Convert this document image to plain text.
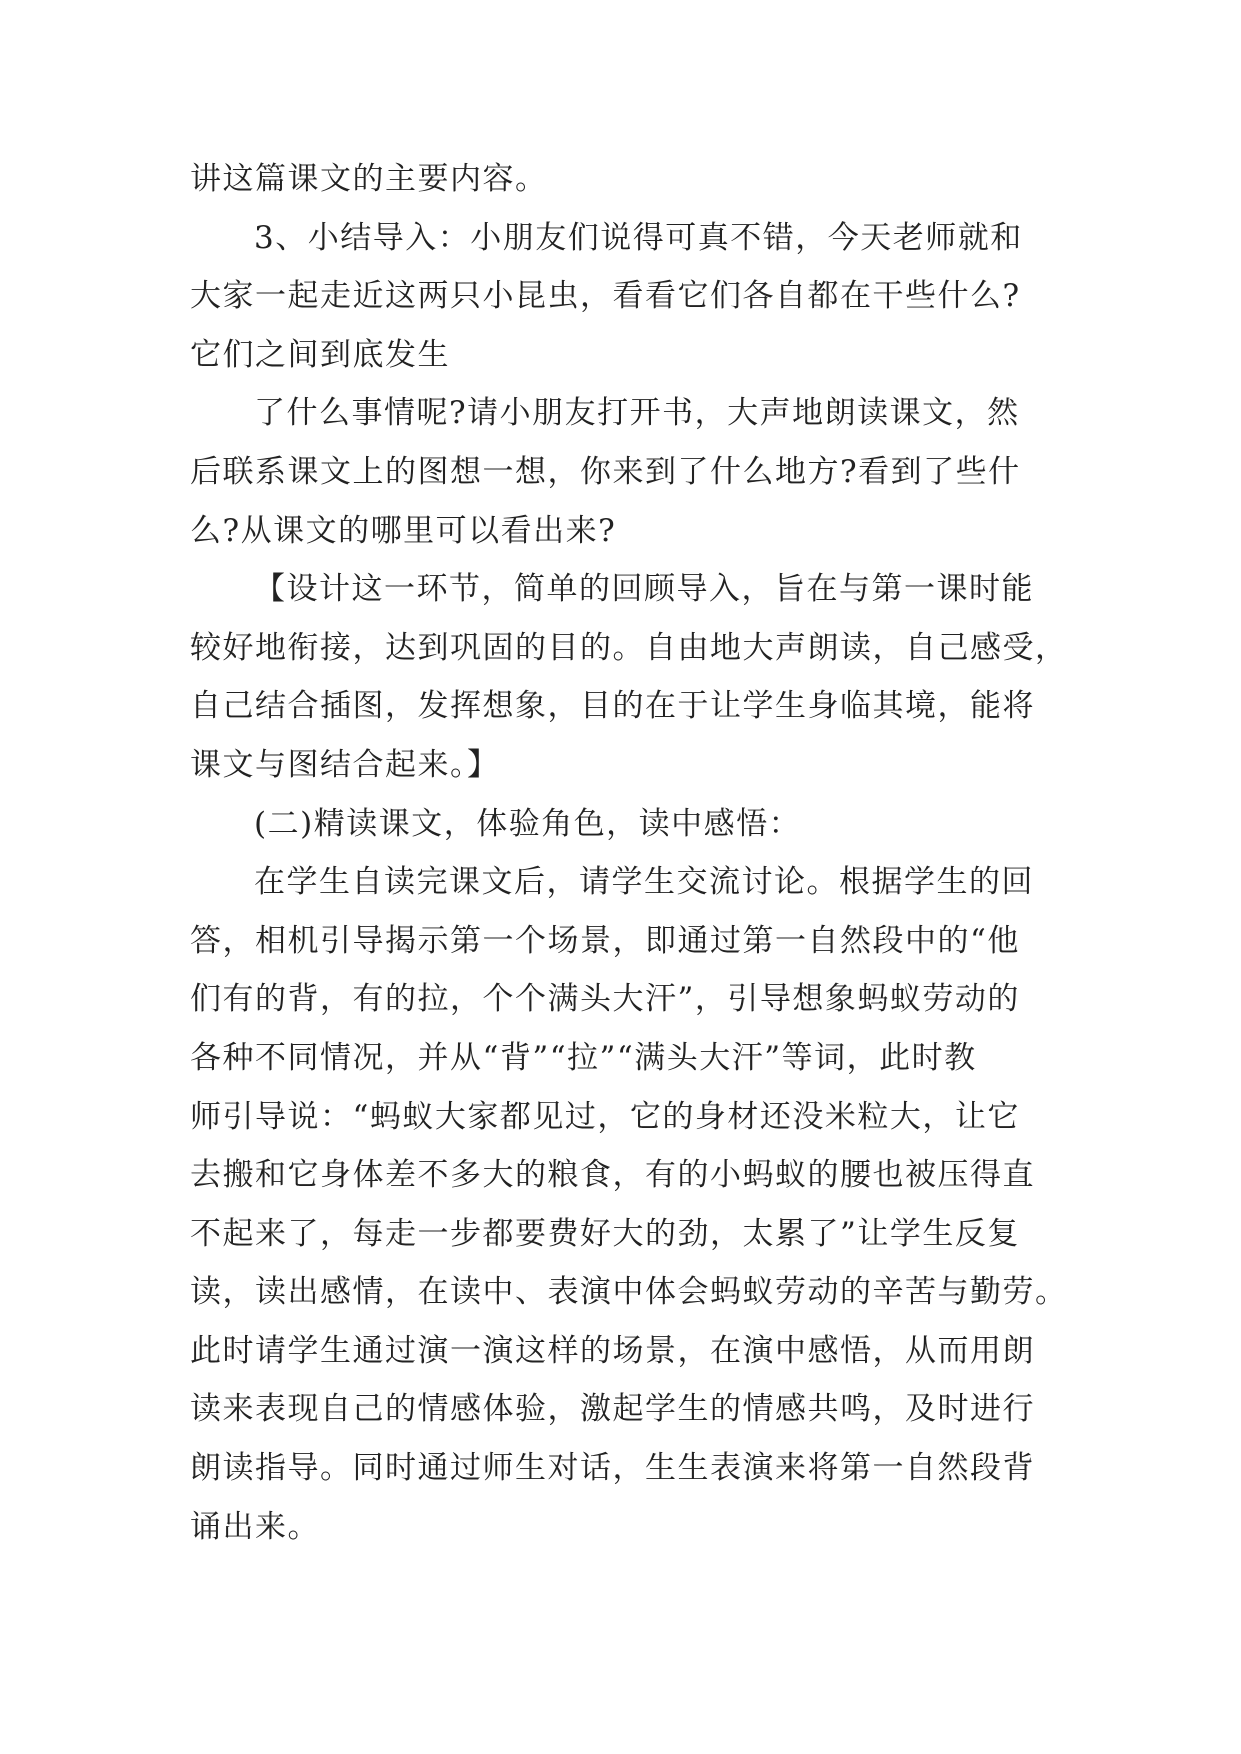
讲这篇课文的主要内容。
3、小结导入：小朋友们说得可真不错，今天老师就和
大家一起走近这两只小昆虫，看看它们各自都在干些什么?
它们之间到底发生
了什么事情呢?请小朋友打开书，大声地朗读课文，然
后联系课文上的图想一想，你来到了什么地方?看到了些什
么?从课文的哪里可以看出来?
【设计这一环节，简单的回顾导入，旨在与第一课时能
较好地衔接，达到巩固的目的。自由地大声朗读，自己感受，
自己结合插图，发挥想象，目的在于让学生身临其境，能将
课文与图结合起来。】
(二)精读课文，体验角色，读中感悟：
在学生自读完课文后，请学生交流讨论。根据学生的回
答，相机引导揭示第一个场景，即通过第一自然段中的“他
们有的背，有的拉，个个满头大汗”，引导想象蚂蚁劳动的
各种不同情况，并从“背”“拉”“满头大汗”等词，此时教
师引导说：“蚂蚁大家都见过，它的身材还没米粒大，让它
去搬和它身体差不多大的粮食，有的小蚂蚁的腰也被压得直
不起来了，每走一步都要费好大的劲，太累了”让学生反复
读，读出感情，在读中、表演中体会蚂蚁劳动的辛苦与勤劳。
此时请学生通过演一演这样的场景，在演中感悟，从而用朗
读来表现自己的情感体验，激起学生的情感共鸣，及时进行
朗读指导。同时通过师生对话，生生表演来将第一自然段背
诵出来。
